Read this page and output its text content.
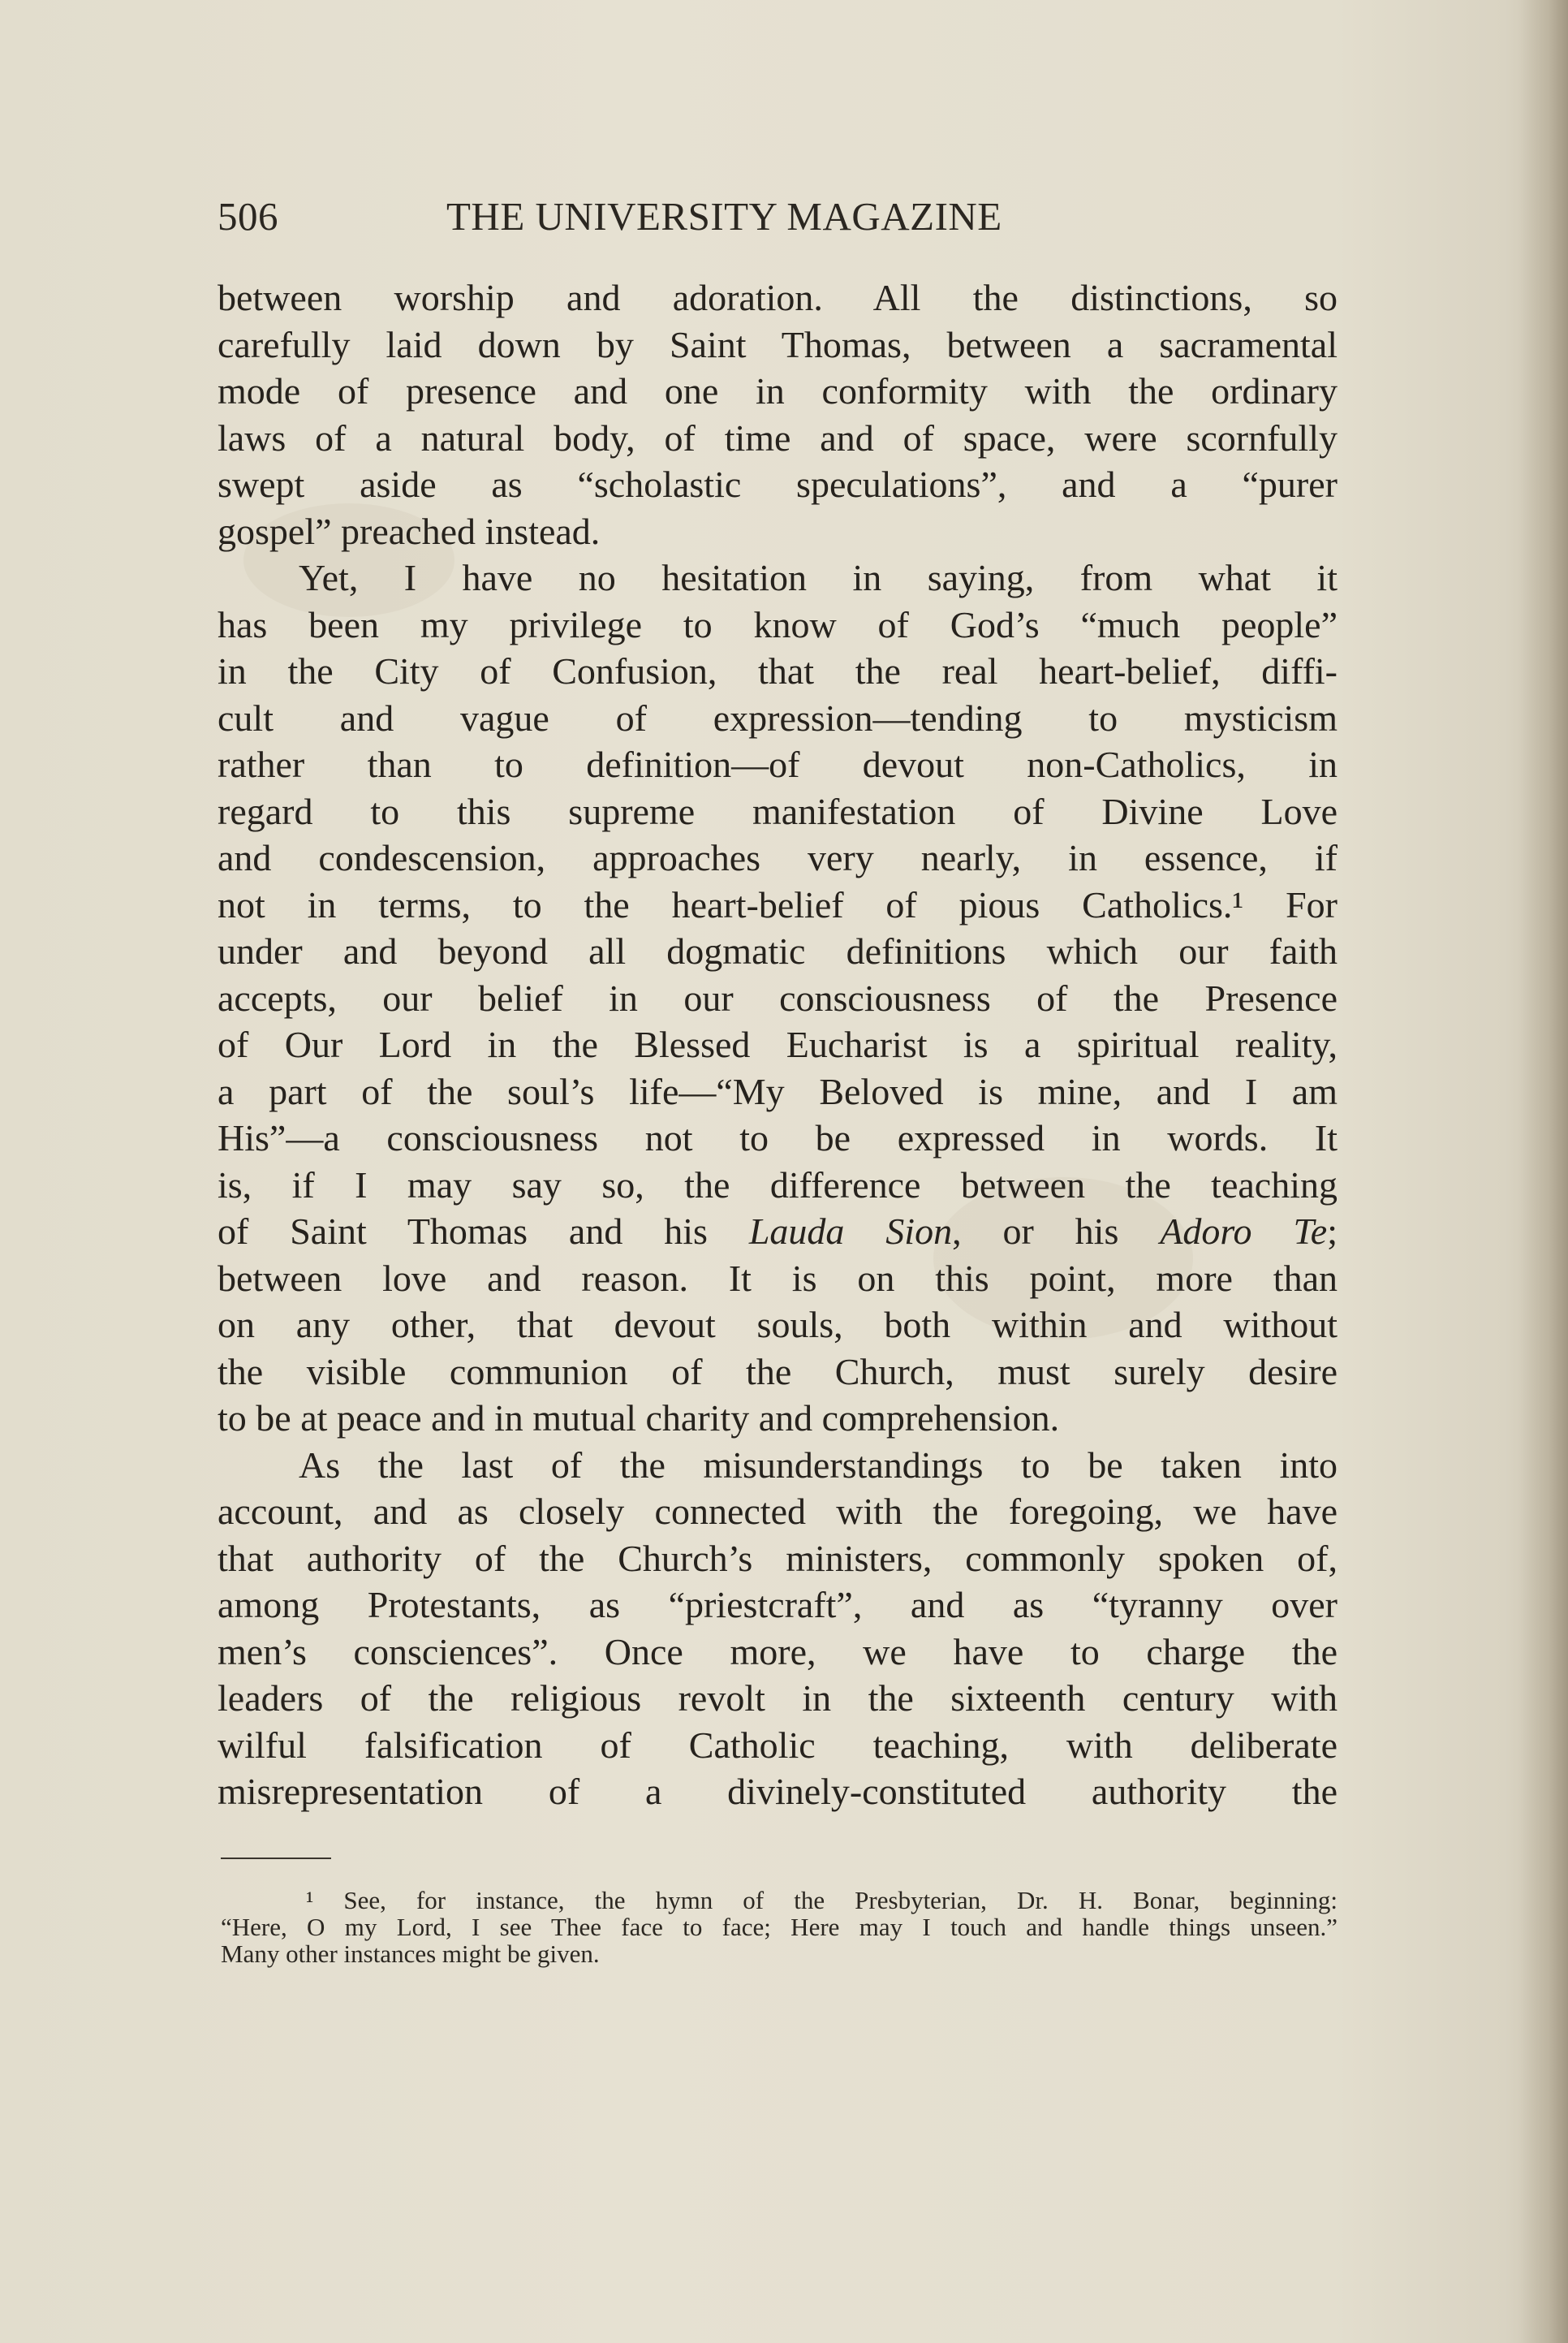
506	THE UNIVERSITY MAGAZINE
between worship and adoration. All the distinctions, so
carefully laid down by Saint Thomas, between a sacramental
mode of presence and one in conformity with the ordinary
laws of a natural body, of time and of space, were scornfully
swept aside as “scholastic speculations”, and a “purer
gospel” preached instead.
Yet, I have no hesitation in saying, from what it
has been my privilege to know of God’s “much people”
in the City of Confusion, that the real heart-belief, diffi-
cult and vague of expression—tending to mysticism
rather than to definition—of devout non-Catholics, in
regard to this supreme manifestation of Divine Love
and condescension, approaches very nearly, in essence, if
not in terms, to the heart-belief of pious Catholics.¹ For
under and beyond all dogmatic definitions which our faith
accepts, our belief in our consciousness of the Presence
of Our Lord in the Blessed Eucharist is a spiritual reality,
a part of the soul’s life—“My Beloved is mine, and I am
His”—a consciousness not to be expressed in words. It
is, if I may say so, the difference between the teaching
of Saint Thomas and his Lauda Sion, or his Adoro Te;
between love and reason. It is on this point, more than
on any other, that devout souls, both within and without
the visible communion of the Church, must surely desire
to be at peace and in mutual charity and comprehension.
As the last of the misunderstandings to be taken into
account, and as closely connected with the foregoing, we have
that authority of the Church’s ministers, commonly spoken of,
among Protestants, as “priestcraft”, and as “tyranny over
men’s consciences”. Once more, we have to charge the
leaders of the religious revolt in the sixteenth century with
wilful falsification of Catholic teaching, with deliberate
misrepresentation of a divinely-constituted authority the
¹ See, for instance, the hymn of the Presbyterian, Dr. H. Bonar, beginning:
“Here, O my Lord, I see Thee face to face; Here may I touch and handle things unseen.”
Many other instances might be given.
